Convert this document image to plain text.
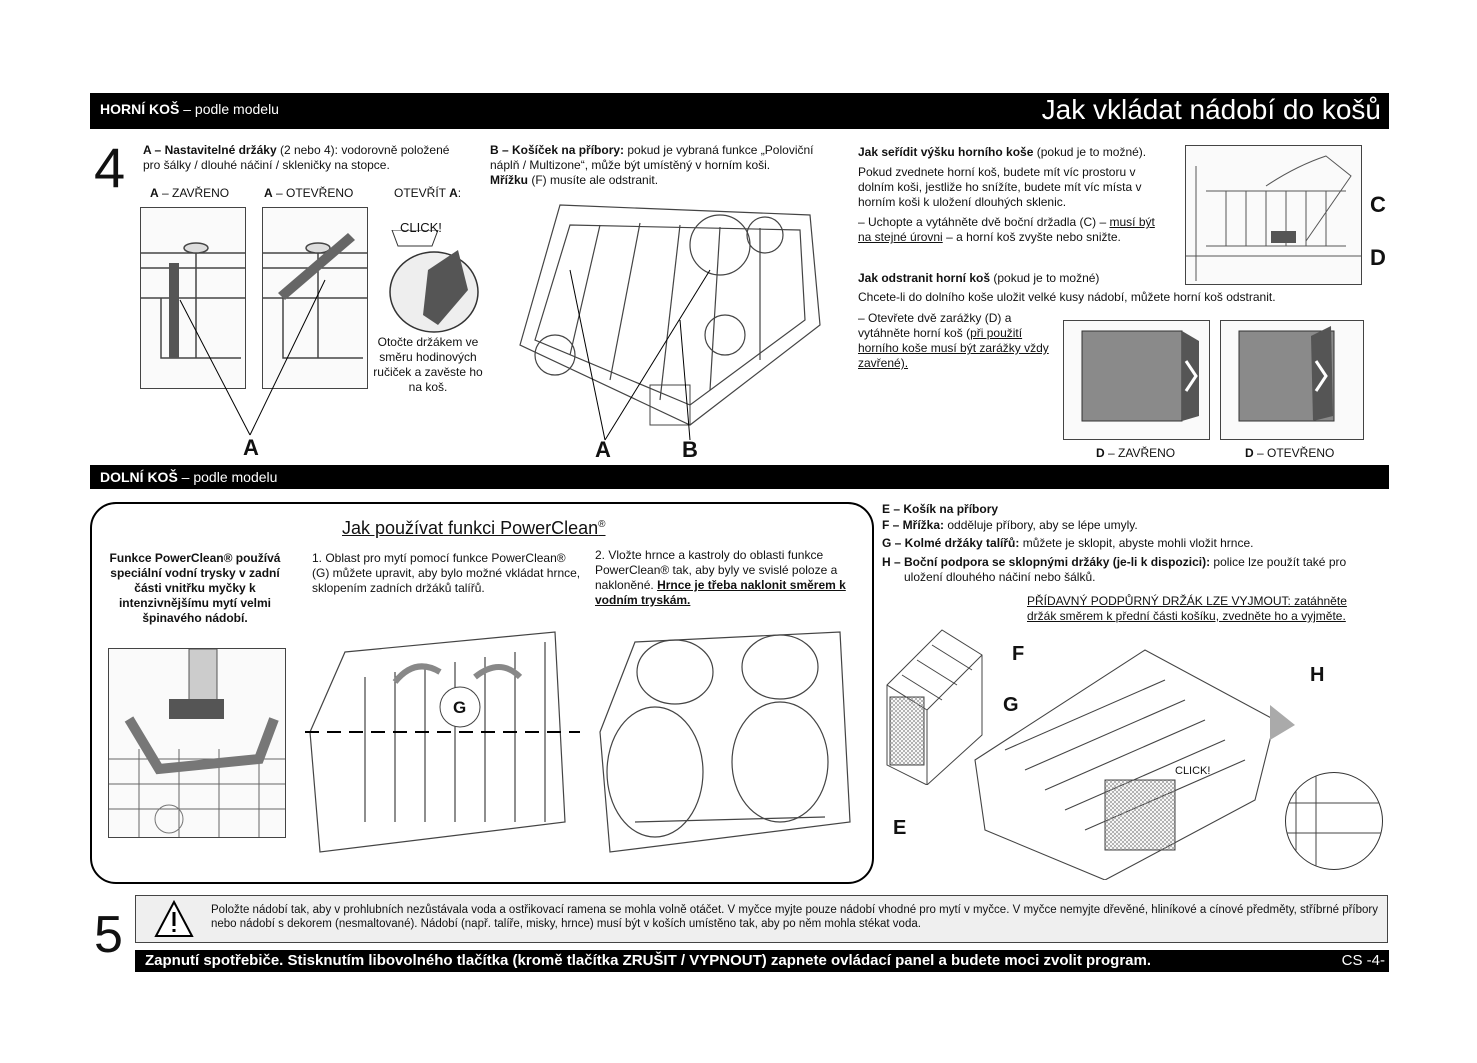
HORNÍ KOŠ – podle modelu	Jak vkládat nádobí do košů
4 A – Nastavitelné držáky (2 nebo 4): vodorovně položené pro šálky / dlouhé náčiní / skleničky na stopce.
A – ZAVŘENO	A – OTEVŘENO	OTEVŘÍT A:
CLICK!
Otočte držákem ve směru hodinových ručiček a zavěste ho na koš.
A
B – Košíček na příbory: pokud je vybraná funkce „Poloviční náplň / Multizone“, může být umístěný v horním koši.
Mřížku (F) musíte ale odstranit.
A	B
Jak seřídit výšku horního koše (pokud je to možné).
Pokud zvednete horní koš, budete mít víc prostoru v dolním koši, jestliže ho snížíte, budete mít víc místa v horním koši k uložení dlouhých sklenic.
– Uchopte a vytáhněte dvě boční držadla (C) – musí být na stejné úrovni – a horní koš zvyšte nebo snižte.
C
D
Jak odstranit horní koš (pokud je to možné)
Chcete-li do dolního koše uložit velké kusy nádobí, můžete horní koš odstranit.
– Otevřete dvě zarážky (D) a vytáhněte horní koš (při použití horního koše musí být zarážky vždy zavřené).
D – ZAVŘENO	D – OTEVŘENO
DOLNÍ KOŠ – podle modelu
Jak používat funkci PowerClean®
Funkce PowerClean® používá speciální vodní trysky v zadní části vnitřku myčky k intenzivnějšímu mytí velmi špinavého nádobí.
1. Oblast pro mytí pomocí funkce PowerClean® (G) můžete upravit, aby bylo možné vkládat hrnce, sklopením zadních držáků talířů.
2. Vložte hrnce a kastroly do oblasti funkce PowerClean® tak, aby byly ve svislé poloze a nakloněné. Hrnce je třeba naklonit směrem k vodním tryskám.
G
E – Košík na příbory
F – Mřížka: odděluje příbory, aby se lépe umyly.
G – Kolmé držáky talířů: můžete je sklopit, abyste mohli vložit hrnce.
H – Boční podpora se sklopnými držáky (je-li k dispozici): police lze použít také pro uložení dlouhého náčiní nebo šálků.
PŘÍDAVNÝ PODPŮRNÝ DRŽÁK LZE VYJMOUT: zatáhněte držák směrem k přední části košíku, zvedněte ho a vyjměte.
F
G
H
E
CLICK!
5	Položte nádobí tak, aby v prohlubních nezůstávala voda a ostřikovací ramena se mohla volně otáčet. V myčce myjte pouze nádobí vhodné pro mytí v myčce. V myčce nemyjte dřevěné, hliníkové a cínové předměty, stříbrné příbory nebo nádobí s dekorem (nesmaltované). Nádobí (např. talíře, misky, hrnce) musí být v koších umístěno tak, aby po něm mohla stékat voda.
Zapnutí spotřebiče. Stisknutím libovolného tlačítka (kromě tlačítka ZRUŠIT / VYPNOUT) zapnete ovládací panel a budete moci zvolit program.	CS -4-
